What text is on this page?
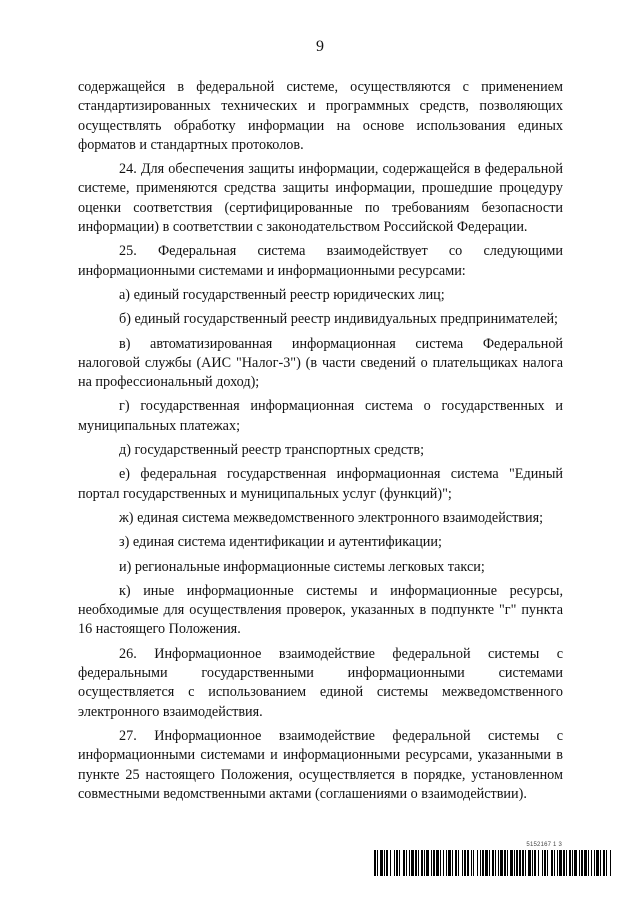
9

содержащейся в федеральной системе, осуществляются с применением стандартизированных технических и программных средств, позволяющих осуществлять обработку информации на основе использования единых форматов и стандартных протоколов.

24. Для обеспечения защиты информации, содержащейся в федеральной системе, применяются средства защиты информации, прошедшие процедуру оценки соответствия (сертифицированные по требованиям безопасности информации) в соответствии с законодательством Российской Федерации.

25. Федеральная система взаимодействует со следующими информационными системами и информационными ресурсами:

а) единый государственный реестр юридических лиц;

б) единый государственный реестр индивидуальных предпринимателей;

в) автоматизированная информационная система Федеральной налоговой службы (АИС "Налог-3") (в части сведений о плательщиках налога на профессиональный доход);

г) государственная информационная система о государственных и муниципальных платежах;

д) государственный реестр транспортных средств;

е) федеральная государственная информационная система "Единый портал государственных и муниципальных услуг (функций)";

ж) единая система межведомственного электронного взаимодействия;

з) единая система идентификации и аутентификации;

и) региональные информационные системы легковых такси;

к) иные информационные системы и информационные ресурсы, необходимые для осуществления проверок, указанных в подпункте "г" пункта 16 настоящего Положения.

26. Информационное взаимодействие федеральной системы с федеральными государственными информационными системами осуществляется с использованием единой системы межведомственного электронного взаимодействия.

27. Информационное взаимодействие федеральной системы с информационными системами и информационными ресурсами, указанными в пункте 25 настоящего Положения, осуществляется в порядке, установленном совместными ведомственными актами (соглашениями о взаимодействии).

5152167 1 3
